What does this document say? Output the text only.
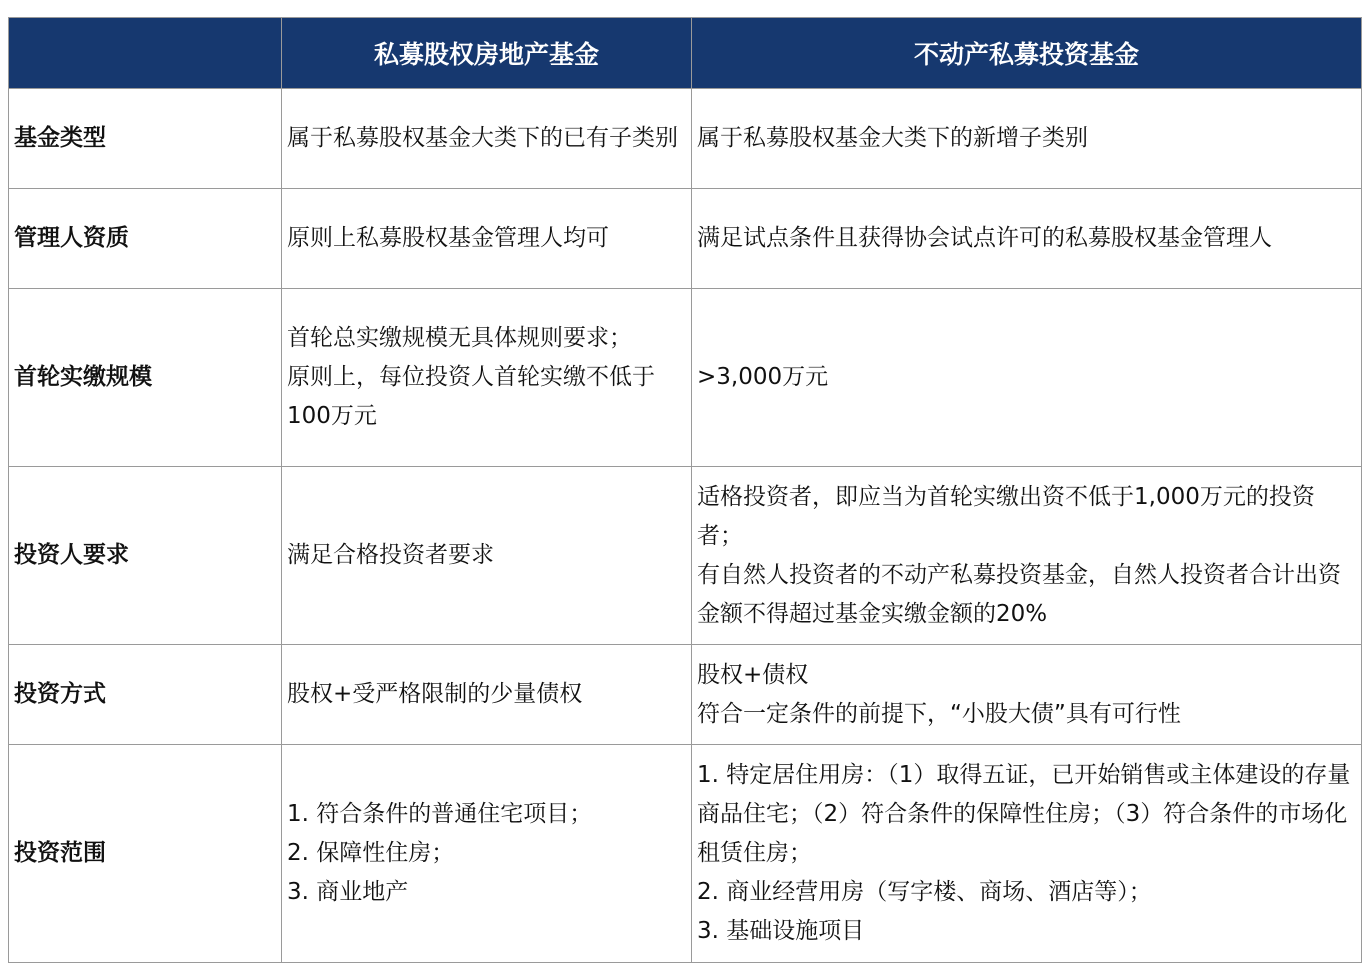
	私募股权房地产基金	不动产私募投资基金
基金类型	属于私募股权基金大类下的已有子类别	属于私募股权基金大类下的新增子类别

管理人资质	原则上私募股权基金管理人均可	满足试点条件且获得协会试点许可的私募股权基金管理人

首轮实缴规模	首轮总实缴规模无具体规则要求；
原则上，每位投资人首轮实缴不低于100万元	>3,000万元

投资人要求	满足合格投资者要求	适格投资者，即应当为首轮实缴出资不低于1,000万元的投资者；
有自然人投资者的不动产私募投资基金，自然人投资者合计出资金额不得超过基金实缴金额的20%

投资方式	股权+受严格限制的少量债权	股权+债权
符合一定条件的前提下，“小股大债”具有可行性

投资范围	1. 符合条件的普通住宅项目；
2. 保障性住房；
3. 商业地产	1. 特定居住用房：（1）取得五证，已开始销售或主体建设的存量商品住宅；（2）符合条件的保障性住房；（3）符合条件的市场化租赁住房；
2. 商业经营用房（写字楼、商场、酒店等）；
3. 基础设施项目
